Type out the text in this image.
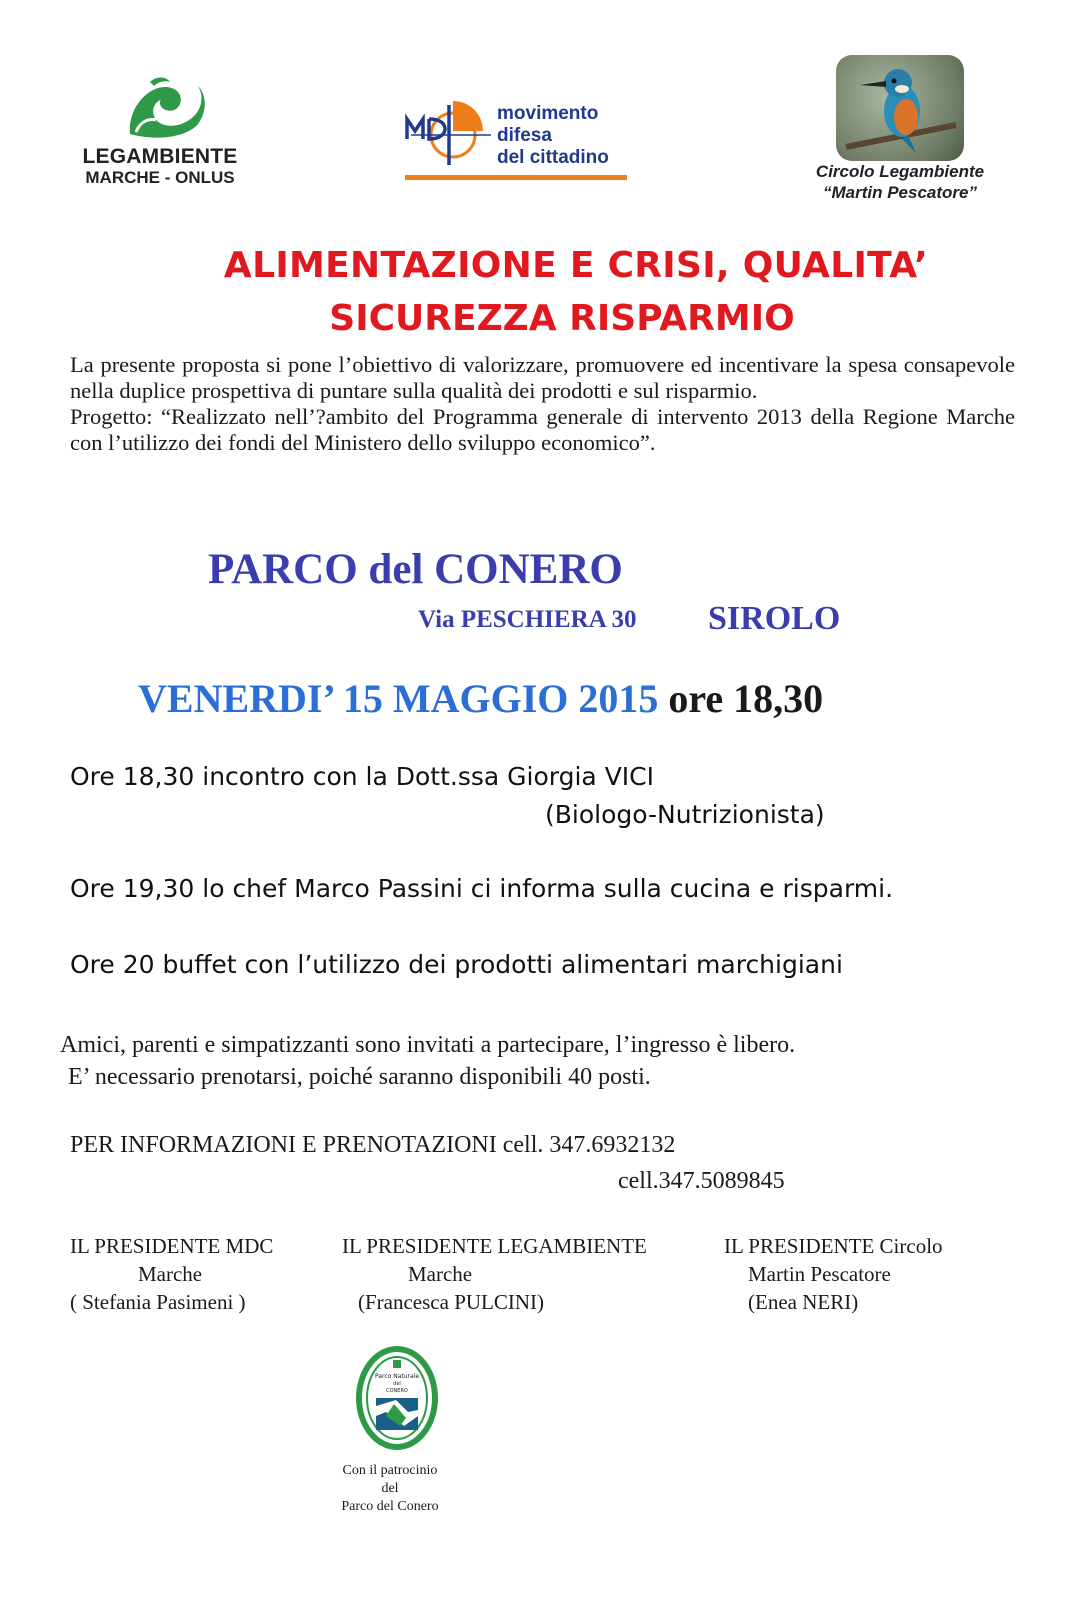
LEGAMBIENTE
MARCHE - ONLUS
movimento
difesa
del cittadino
Circolo Legambiente
“Martin Pescatore”
ALIMENTAZIONE E CRISI, QUALITA’
SICUREZZA RISPARMIO

La presente proposta si pone l’obiettivo di valorizzare, promuovere ed incentivare la spesa consapevole nella duplice prospettiva di puntare sulla qualità dei prodotti e sul risparmio.

Progetto: “Realizzato nell’?ambito del Programma generale di intervento 2013 della Regione Marche con l’utilizzo dei fondi del Ministero dello sviluppo economico”.

PARCO del CONERO
Via PESCHIERA 30 SIROLO
VENERDI’ 15 MAGGIO 2015 ore 18,30
Ore 18,30 incontro con la Dott.ssa Giorgia VICI
(Biologo-Nutrizionista)
Ore 19,30 lo chef Marco Passini ci informa sulla cucina e risparmi.
Ore 20 buffet con l’utilizzo dei prodotti alimentari marchigiani
Amici, parenti e simpatizzanti sono invitati a partecipare, l’ingresso è libero.
E’ necessario prenotarsi, poiché saranno disponibili 40 posti.
PER INFORMAZIONI E PRENOTAZIONI cell. 347.6932132
cell.347.5089845
IL PRESIDENTE MDC
Marche
( Stefania Pasimeni )
IL PRESIDENTE LEGAMBIENTE
Marche
(Francesca PULCINI)
IL PRESIDENTE Circolo
Martin Pescatore
(Enea NERI)
Parco Naturale
del
CONERO
Con il patrocinio
del
Parco del Conero
